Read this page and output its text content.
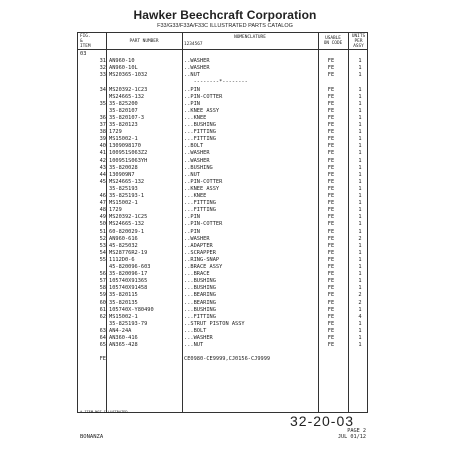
Hawker Beechcraft Corporation
F33/G33/F33A/F33C ILLUSTRATED PARTS CATALOG
FIG.
&
ITEM
PART NUMBER
NOMENCLATURE
1234567
USABLE
ON CODE
UNITS
PER
ASSY
03
31 AN960-10	..WASHER	FE	1
32 AN960-10L	..WASHER	FE	1
33 MS20365-1032	..NUT	FE	1
--------*--------
34 MS20392-1C23	..PIN	FE	1
MS24665-132	..PIN-COTTER	FE	1
35 35-825200	..PIN	FE	1
35-820107	..KNEE ASSY	FE	1
36 35-820107-3	...KNEE	FE	1
37 35-820123	...BUSHING	FE	1
38 1729	...FITTING	FE	1
39 MS15002-1	...FITTING	FE	1
40 1309098170	..BOLT	FE	1
41 100951S063Z2	..WASHER	FE	1
42 100951S063YH	..WASHER	FE	1
43 35-820028	..BUSHING	FE	1
44 130909N7	..NUT	FE	1
45 MS24665-132	..PIN-COTTER	FE	1
35-825193	..KNEE ASSY	FE	1
46 35-825193-1	...KNEE	FE	1
47 MS15002-1	...FITTING	FE	1
48 1729	...FITTING	FE	1
49 MS20392-1C25	..PIN	FE	1
50 MS24665-132	..PIN-COTTER	FE	1
51 60-820029-1	..PIN	FE	1
52 AN960-616	..WASHER	FE	2
53 45-825032	..ADAPTER	FE	1
54 MS28776R2-19	..SCRAPPER	FE	1
55 1112D0-6	..RING-SNAP	FE	1
45-820096-603	..BRACE ASSY	FE	1
56 35-820096-17	...BRACE	FE	1
57 105740X91365	...BUSHING	FE	1
58 105740X91458	...BUSHING	FE	1
59 35-820115	...BEARING	FE	2
60 35-820135	...BEARING	FE	2
61 105740X-Y80490	...BUSHING	FE	1
62 MS15002-1	...FITTING	FE	4
35-825193-79	..STRUT PISTON ASSY	FE	1
63 AN4-24A	...BOLT	FE	1
64 AN360-416	...WASHER	FE	1
65 AN365-428	...NUT	FE	1
FE	CE0980-CE9999,CJ0156-CJ9999
* ITEM NOT ILLUSTRATED
32-20-03
PAGE 2
JUL 01/12
BONANZA
